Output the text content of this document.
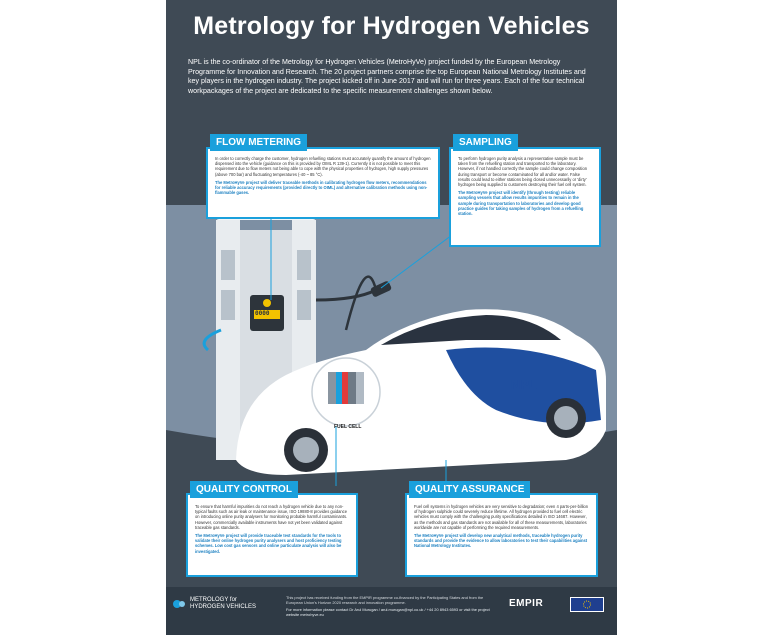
FUEL CELL
NPL
0000
Metrology for Hydrogen Vehicles
NPL is the co-ordinator of the Metrology for Hydrogen Vehicles (MetroHyVe) project funded by the European Metrology Programme for Innovation and Research. The 20 project partners comprise the top European National Metrology Institutes and key players in the hydrogen industry. The project kicked off in June 2017 and will run for three years. Each of the four technical workpackages of the project are dedicated to the specific measurement challenges shown below.

In order to correctly charge the customer, hydrogen refuelling stations must accurately quantify the amount of hydrogen dispensed into the vehicle (guidance on this is provided by OIML R 139-1). Currently it is not possible to meet this requirement due to flow meters not being able to cope with the physical properties of hydrogen, high supply pressures (above 700 bar) and fluctuating temperatures (-40 ~ 85 °C).

The MetroHyVe project will deliver traceable methods in calibrating hydrogen flow meters, recommendations for reliable accuracy requirements (provided directly to OIML) and alternative calibration methods using non-flammable gases.

FLOW METERING

To perform hydrogen purity analysis a representative sample must be taken from the refuelling station and transported to the laboratory. However, if not handled correctly the sample could change composition during transport or become contaminated for all and/or water. False results could lead to either stations being closed unnecessarily or 'dirty' hydrogen being supplied to customers destroying their fuel cell system.

The MetroHyVe project will identify (through testing) reliable sampling vessels that allow results impurities to remain in the sample during transportation to laboratories and develop good practice guides for taking samples of hydrogen from a refuelling station.

SAMPLING

To ensure that harmful impurities do not reach a hydrogen vehicle due to any non-typical faults such as air leak or maintenance issue, ISO 19880-8 provides guidance on introducing online purity analysers for monitoring probable harmful contaminants. However, commercially available instruments have not yet been validated against traceable gas standards.

The MetroHyVe project will provide traceable test standards for the tools to validate their online hydrogen purity analysers and host proficiency testing schemes. Low cost gas sensors and online particulate analysis will also be investigated.

QUALITY CONTROL

Fuel cell systems in hydrogen vehicles are very sensitive to degradation; even 4 parts-per-billion of hydrogen sulphide could severely reduce lifetime. All hydrogen provided to fuel cell electric vehicles must comply with the challenging purity specifications detailed in ISO 14687. However, as the methods and gas standards are not available for all of these measurements, laboratories worldwide are not capable of performing the required measurements.

The MetroHyVe project will develop new analytical methods, traceable hydrogen purity standards and provide the evidence to allow laboratories to test their capabilities against National Metrology Institutes.

QUALITY ASSURANCE
METROLOGY for
HYDROGEN VEHICLES
This project has received funding from the EMPIR programme co-financed by the Participating States and from the European Union's Horizon 2020 research and innovation programme.
For more information please contact Dr Arul Murugan / arul.murugan@npl.co.uk / +44 20 8943 6593 or visit the project website metrohyve.eu
EMPIR
